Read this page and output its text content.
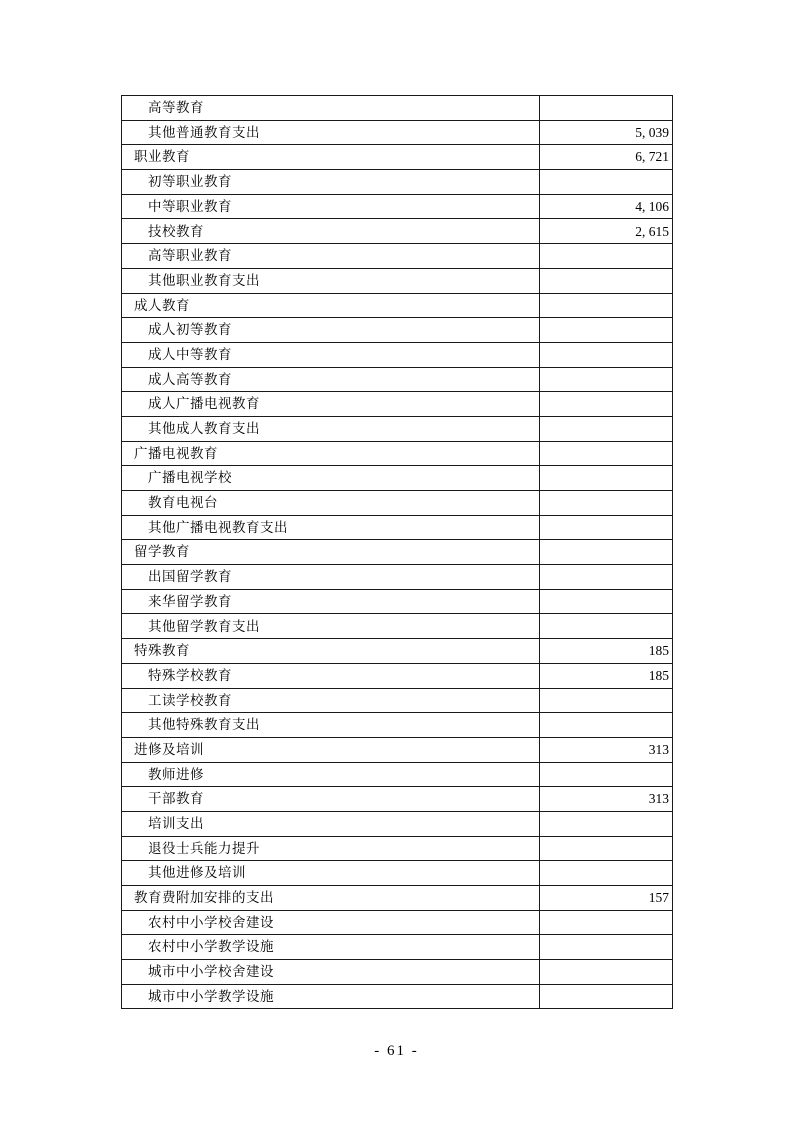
高等教育	
其他普通教育支出	5, 039
职业教育	6, 721
初等职业教育	
中等职业教育	4, 106
技校教育	2, 615
高等职业教育	
其他职业教育支出	
成人教育	
成人初等教育	
成人中等教育	
成人高等教育	
成人广播电视教育	
其他成人教育支出	
广播电视教育	
广播电视学校	
教育电视台	
其他广播电视教育支出	
留学教育	
出国留学教育	
来华留学教育	
其他留学教育支出	
特殊教育	185
特殊学校教育	185
工读学校教育	
其他特殊教育支出	
进修及培训	313
教师进修	
干部教育	313
培训支出	
退役士兵能力提升	
其他进修及培训	
教育费附加安排的支出	157
农村中小学校舍建设	
农村中小学教学设施	
城市中小学校舍建设	
城市中小学教学设施	
- 61 -
